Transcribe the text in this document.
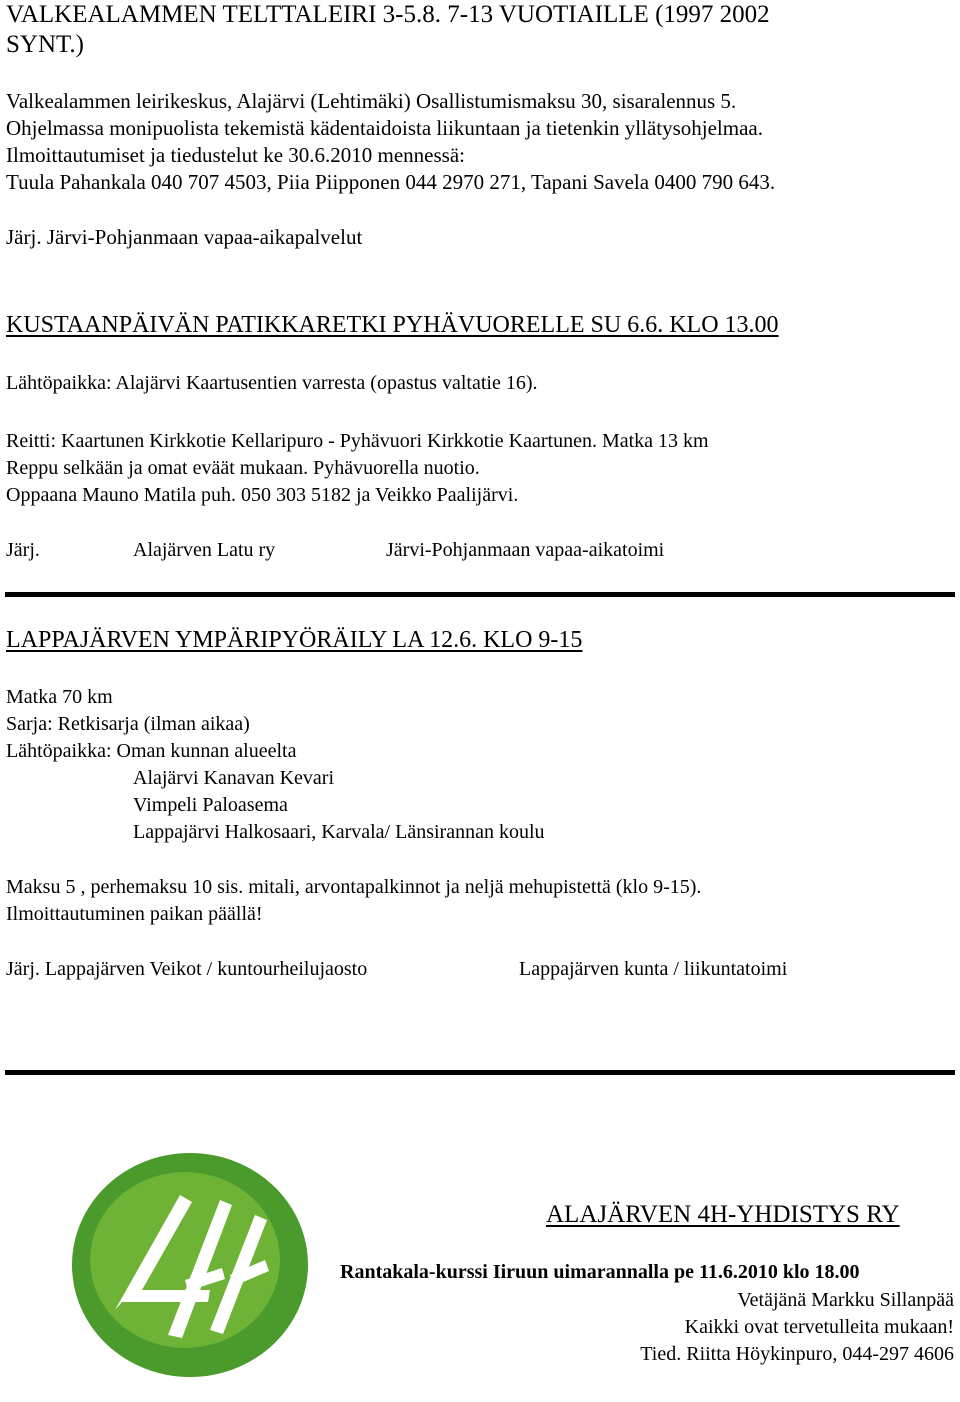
VALKEALAMMEN TELTTALEIRI 3-5.8. 7-13 VUOTIAILLE (1997 2002
SYNT.)
Valkealammen leirikeskus, Alajärvi (Lehtimäki) Osallistumismaksu 30, sisaralennus 5.
Ohjelmassa monipuolista tekemistä kädentaidoista liikuntaan ja tietenkin yllätysohjelmaa.
Ilmoittautumiset ja tiedustelut ke 30.6.2010 mennessä:
Tuula Pahankala 040 707 4503, Piia Piipponen 044 2970 271, Tapani Savela 0400 790 643.
Järj. Järvi-Pohjanmaan vapaa-aikapalvelut
KUSTAANPÄIVÄN PATIKKARETKI PYHÄVUORELLE SU 6.6. KLO 13.00
Lähtöpaikka: Alajärvi Kaartusentien varresta (opastus valtatie 16).
Reitti: Kaartunen Kirkkotie Kellaripuro - Pyhävuori Kirkkotie Kaartunen. Matka 13 km
Reppu selkään ja omat eväät mukaan. Pyhävuorella nuotio.
Oppaana Mauno Matila puh. 050 303 5182 ja Veikko Paalijärvi.
Järj.	Alajärven Latu ry	Järvi-Pohjanmaan vapaa-aikatoimi
LAPPAJÄRVEN YMPÄRIPYÖRÄILY LA 12.6. KLO 9-15
Matka 70 km
Sarja: Retkisarja (ilman aikaa)
Lähtöpaikka: Oman kunnan alueelta
Alajärvi Kanavan Kevari
Vimpeli Paloasema
Lappajärvi Halkosaari, Karvala/ Länsirannan koulu
Maksu 5 , perhemaksu 10 sis. mitali, arvontapalkinnot ja neljä mehupistettä (klo 9-15).
Ilmoittautuminen paikan päällä!
Järj. Lappajärven Veikot / kuntourheilujaosto	Lappajärven kunta / liikuntatoimi
ALAJÄRVEN 4H-YHDISTYS RY
Rantakala-kurssi Iiruun uimarannalla pe 11.6.2010 klo 18.00
Vetäjänä Markku Sillanpää
Kaikki ovat tervetulleita mukaan!
Tied. Riitta Höykinpuro, 044-297 4606
